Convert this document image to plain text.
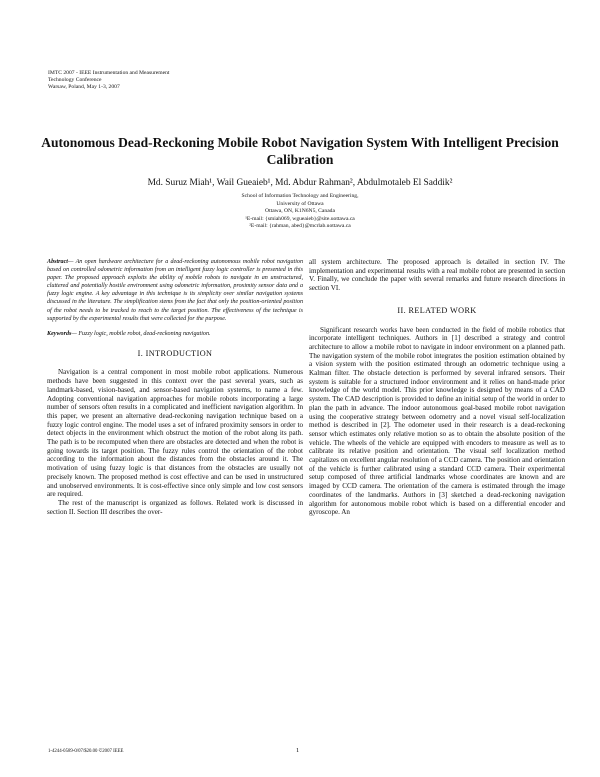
IMTC 2007 - IEEE Instrumentation and Measurement
Technology Conference
Warsaw, Poland, May 1-3, 2007
Autonomous Dead-Reckoning Mobile Robot Navigation System With Intelligent Precision Calibration
Md. Suruz Miah¹, Wail Gueaieb¹, Md. Abdur Rahman², Abdulmotaleb El Saddik²
School of Information Technology and Engineering,
University of Ottawa
Ottawa, ON, K1N6N5, Canada
¹E-mail: {smiah069, wgueaieb}@site.uottawa.ca
²E-mail: {rahman, abed}@mcrlab.uottawa.ca
Abstract— An open hardware architecture for a dead-reckoning autonomous mobile robot navigation based on controlled odometric information from an intelligent fuzzy logic controller is presented in this paper. The proposed approach exploits the ability of mobile robots to navigate in an unstructured, cluttered and potentially hostile environment using odometric information, proximity sensor data and a fuzzy logic engine. A key advantage in this technique is its simplicity over similar navigation systems discussed in the literature. The simplification stems from the fact that only the position-oriented position of the robot needs to be tracked to reach to the target position. The effectiveness of the technique is supported by the experimental results that were collected for the purpose.
Keywords— Fuzzy logic, mobile robot, dead-reckoning navigation.
I. INTRODUCTION

Navigation is a central component in most mobile robot applications. Numerous methods have been suggested in this context over the past several years, such as landmark-based, vision-based, and sensor-based navigation systems, to name a few. Adopting conventional navigation approaches for mobile robots incorporating a large number of sensors often results in a complicated and inefficient navigation algorithm. In this paper, we present an alternative dead-reckoning navigation technique based on a fuzzy logic control engine. The model uses a set of infrared proximity sensors in order to detect objects in the environment which obstruct the motion of the robot along its path. The path is to be recomputed when there are obstacles are detected and when the robot is going towards its target position. The fuzzy rules control the orientation of the robot according to the information about the distances from the obstacles around it. The motivation of using fuzzy logic is that distances from the obstacles are usually not precisely known. The proposed method is cost effective and can be used in unstructured and unobserved environments. It is cost-effective since only simple and low cost sensors are required.

The rest of the manuscript is organized as follows. Related work is discussed in section II. Section III describes the over-

all system architecture. The proposed approach is detailed in section IV. The implementation and experimental results with a real mobile robot are presented in section V. Finally, we conclude the paper with several remarks and future research directions in section VI.

II. RELATED WORK

Significant research works have been conducted in the field of mobile robotics that incorporate intelligent techniques. Authors in [1] described a strategy and control architecture to allow a mobile robot to navigate in indoor environment on a planned path. The navigation system of the mobile robot integrates the position estimation obtained by a vision system with the position estimated through an odometric technique using a Kalman filter. The obstacle detection is performed by several infrared sensors. Their system is suitable for a structured indoor environment and it relies on hand-made prior knowledge of the world model. This prior knowledge is designed by means of a CAD system. The CAD description is provided to define an initial setup of the world in order to plan the path in advance. The indoor autonomous goal-based mobile robot navigation using the cooperative strategy between odometry and a novel visual self-localization method is described in [2]. The odometer used in their research is a dead-reckoning sensor which estimates only relative motion so as to obtain the absolute position of the vehicle. The wheels of the vehicle are equipped with encoders to measure as well as to calibrate its relative position and orientation. The visual self localization method capitalizes on excellent angular resolution of a CCD camera. The position and orientation of the vehicle is further calibrated using a standard CCD camera. Their experimental setup composed of three artificial landmarks whose coordinates are known and are imaged by CCD camera. The orientation of the camera is estimated through the image coordinates of the landmarks. Authors in [3] sketched a dead-reckoning navigation algorithm for autonomous mobile robot which is based on a differential encoder and gyroscope. An

1-4244-0589-0/07/$20.00 ©2007 IEEE	1
